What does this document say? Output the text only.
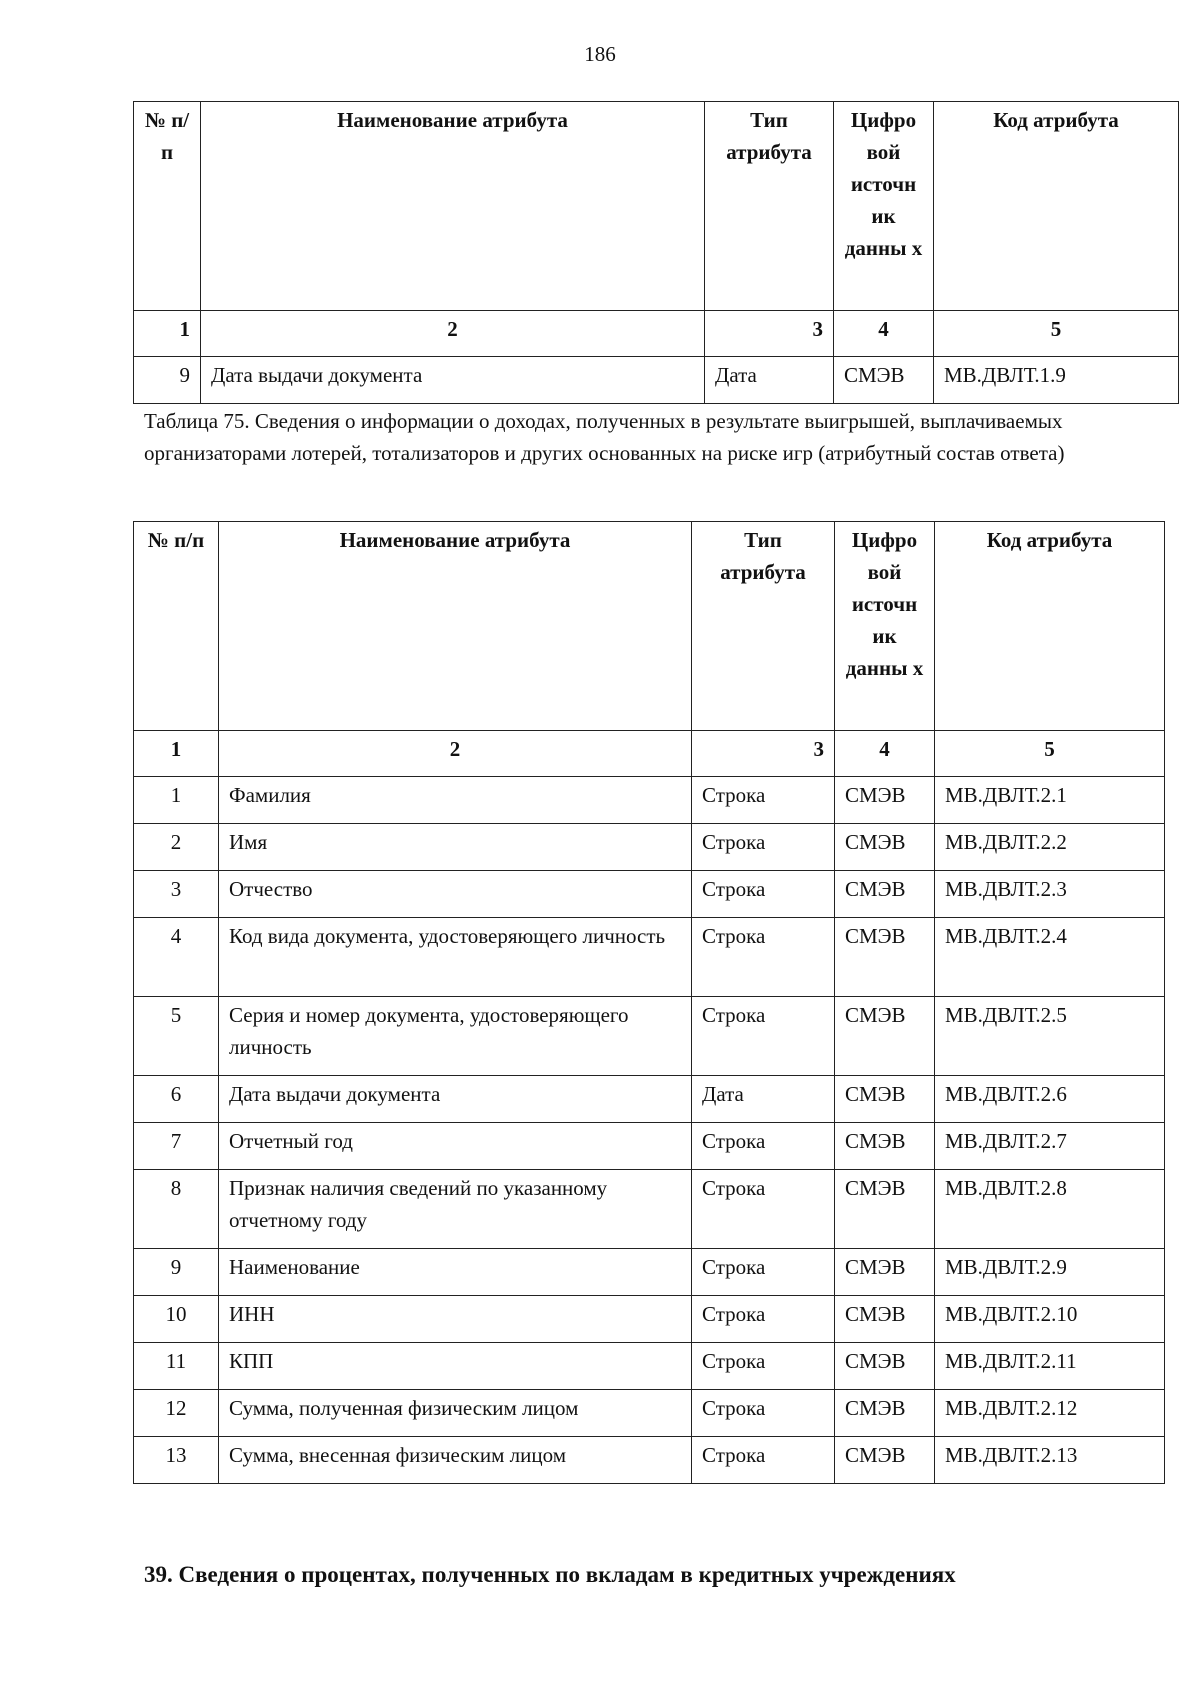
186
№ п/п	Наименование атрибута	Тип атрибута	Цифро вой источн ик данны х	Код атрибута
1	2	3	4	5
9	Дата выдачи документа	Дата	СМЭВ	МВ.ДВЛТ.1.9
Таблица 75. Сведения о информации о доходах, полученных в результате выигрышей, выплачиваемых организаторами лотерей, тотализаторов и других основанных на риске игр (атрибутный состав ответа)
№ п/п	Наименование атрибута	Тип атрибута	Цифро вой источн ик данны х	Код атрибута
1	2	3	4	5
1	Фамилия	Строка	СМЭВ	МВ.ДВЛТ.2.1
2	Имя	Строка	СМЭВ	МВ.ДВЛТ.2.2
3	Отчество	Строка	СМЭВ	МВ.ДВЛТ.2.3
4	Код вида документа, удостоверяющего личность	Строка	СМЭВ	МВ.ДВЛТ.2.4
5	Серия и номер документа, удостоверяющего личность	Строка	СМЭВ	МВ.ДВЛТ.2.5
6	Дата выдачи документа	Дата	СМЭВ	МВ.ДВЛТ.2.6
7	Отчетный год	Строка	СМЭВ	МВ.ДВЛТ.2.7
8	Признак наличия сведений по указанному отчетному году	Строка	СМЭВ	МВ.ДВЛТ.2.8
9	Наименование	Строка	СМЭВ	МВ.ДВЛТ.2.9
10	ИНН	Строка	СМЭВ	МВ.ДВЛТ.2.10
11	КПП	Строка	СМЭВ	МВ.ДВЛТ.2.11
12	Сумма, полученная физическим лицом	Строка	СМЭВ	МВ.ДВЛТ.2.12
13	Сумма, внесенная физическим лицом	Строка	СМЭВ	МВ.ДВЛТ.2.13
39. Сведения о процентах, полученных по вкладам в кредитных учреждениях
